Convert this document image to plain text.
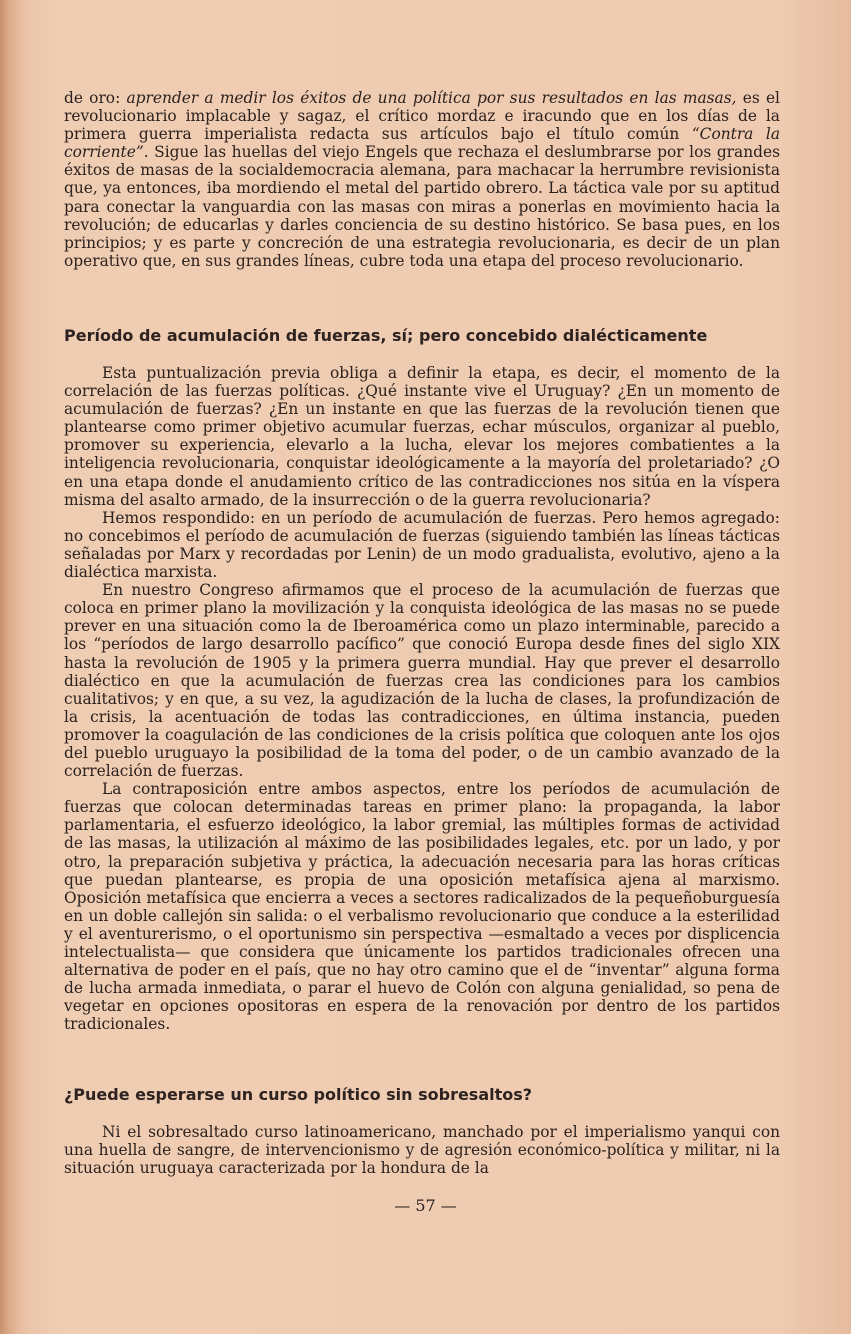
de oro: aprender a medir los éxitos de una política por sus resultados en las masas, es el revolucionario implacable y sagaz, el crítico mordaz e iracundo que en los días de la primera guerra imperialista redacta sus artículos bajo el título común “Contra la corriente”. Sigue las huellas del viejo Engels que rechaza el deslumbrarse por los grandes éxitos de masas de la socialdemocracia alemana, para machacar la herrumbre revisionista que, ya entonces, iba mordiendo el metal del partido obrero. La táctica vale por su aptitud para conectar la vanguardia con las masas con miras a ponerlas en movimiento hacia la revolución; de educarlas y darles conciencia de su destino histórico. Se basa pues, en los principios; y es parte y concreción de una estrategia revolucionaria, es decir de un plan operativo que, en sus grandes líneas, cubre toda una etapa del proceso revolucionario.

Período de acumulación de fuerzas, sí; pero concebido dialécticamente

Esta puntualización previa obliga a definir la etapa, es decir, el momento de la correlación de las fuerzas políticas. ¿Qué instante vive el Uruguay? ¿En un momento de acumulación de fuerzas? ¿En un instante en que las fuerzas de la revolución tienen que plantearse como primer objetivo acumular fuerzas, echar músculos, organizar al pueblo, promover su experiencia, elevarlo a la lucha, elevar los mejores combatientes a la inteligencia revolucionaria, conquistar ideológicamente a la mayoría del proletariado? ¿O en una etapa donde el anudamiento crítico de las contradicciones nos sitúa en la víspera misma del asalto armado, de la insurrección o de la guerra revolucionaria?

Hemos respondido: en un período de acumulación de fuerzas. Pero hemos agregado: no concebimos el período de acumulación de fuerzas (siguiendo también las líneas tácticas señaladas por Marx y recordadas por Lenin) de un modo gradualista, evolutivo, ajeno a la dialéctica marxista.

En nuestro Congreso afirmamos que el proceso de la acumulación de fuerzas que coloca en primer plano la movilización y la conquista ideológica de las masas no se puede prever en una situación como la de Iberoamérica como un plazo interminable, parecido a los “períodos de largo desarrollo pacífico” que conoció Europa desde fines del siglo XIX hasta la revolución de 1905 y la primera guerra mundial. Hay que prever el desarrollo dialéctico en que la acumulación de fuerzas crea las condiciones para los cambios cualitativos; y en que, a su vez, la agudización de la lucha de clases, la profundización de la crisis, la acentuación de todas las contradicciones, en última instancia, pueden promover la coagulación de las condiciones de la crisis política que coloquen ante los ojos del pueblo uruguayo la posibilidad de la toma del poder, o de un cambio avanzado de la correlación de fuerzas.

La contraposición entre ambos aspectos, entre los períodos de acumulación de fuerzas que colocan determinadas tareas en primer plano: la propaganda, la labor parlamentaria, el esfuerzo ideológico, la labor gremial, las múltiples formas de actividad de las masas, la utilización al máximo de las posibilidades legales, etc. por un lado, y por otro, la preparación subjetiva y práctica, la adecuación necesaria para las horas críticas que puedan plantearse, es propia de una oposición metafísica ajena al marxismo. Oposición metafísica que encierra a veces a sectores radicalizados de la pequeñoburguesía en un doble callejón sin salida: o el verbalismo revolucionario que conduce a la esterilidad y el aventurerismo, o el oportunismo sin perspectiva —esmaltado a veces por displicencia intelectualista— que considera que únicamente los partidos tradicionales ofrecen una alternativa de poder en el país, que no hay otro camino que el de “inventar” alguna forma de lucha armada inmediata, o parar el huevo de Colón con alguna genialidad, so pena de vegetar en opciones opositoras en espera de la renovación por dentro de los partidos tradicionales.

¿Puede esperarse un curso político sin sobresaltos?

Ni el sobresaltado curso latinoamericano, manchado por el imperialismo yanqui con una huella de sangre, de intervencionismo y de agresión económico-política y militar, ni la situación uruguaya caracterizada por la hondura de la

— 57 —
